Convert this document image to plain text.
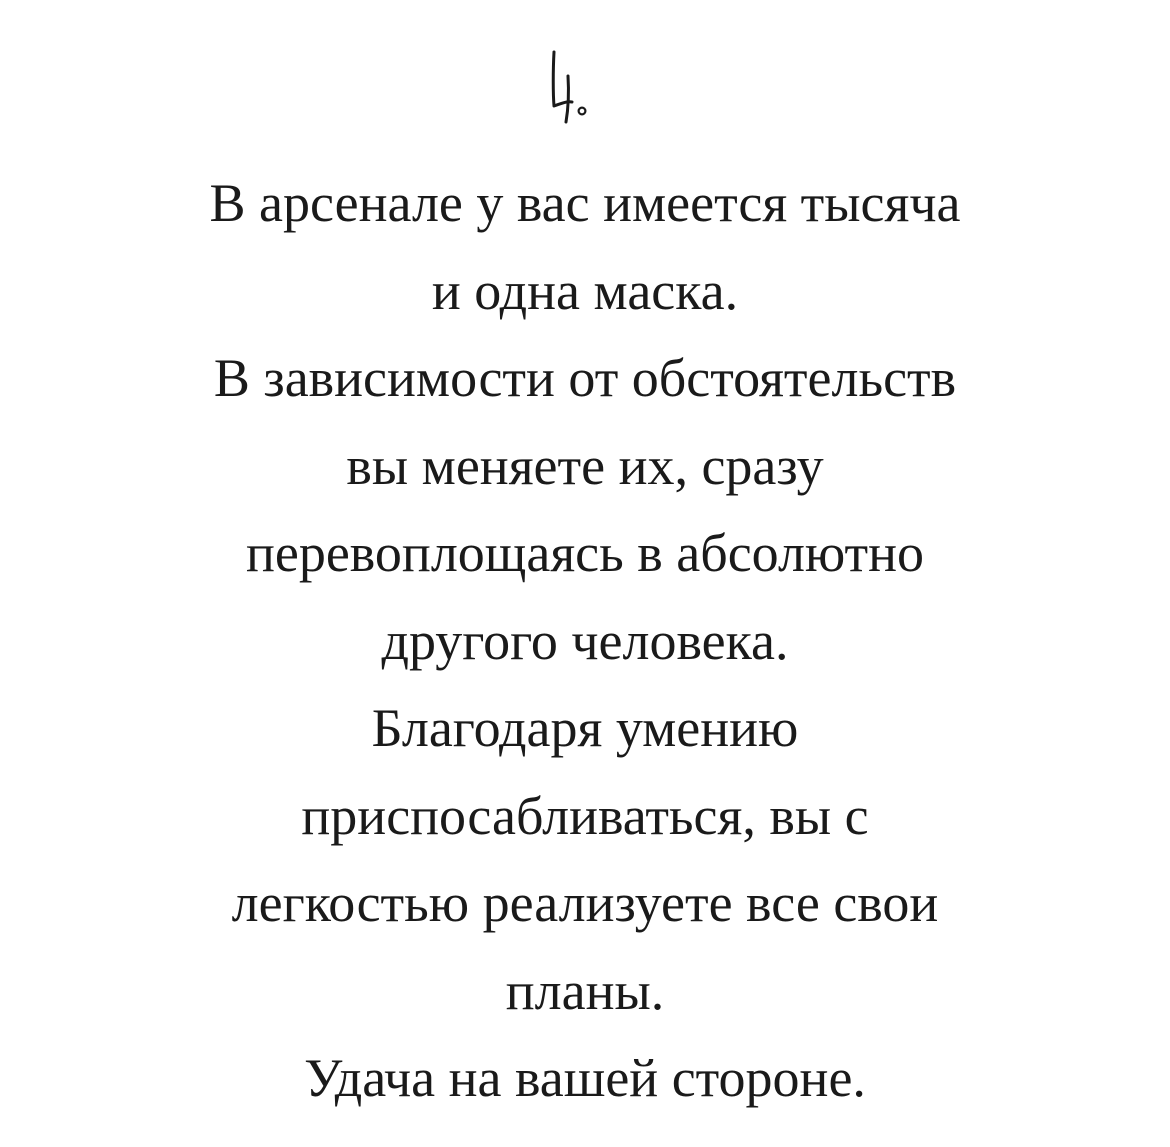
В арсенале у вас имеется тысяча
и одна маска.
В зависимости от обстоятельств
вы меняете их, сразу
перевоплощаясь в абсолютно
другого человека.
Благодаря умению
приспосабливаться, вы с
легкостью реализуете все свои
планы.
Удача на вашей стороне.
